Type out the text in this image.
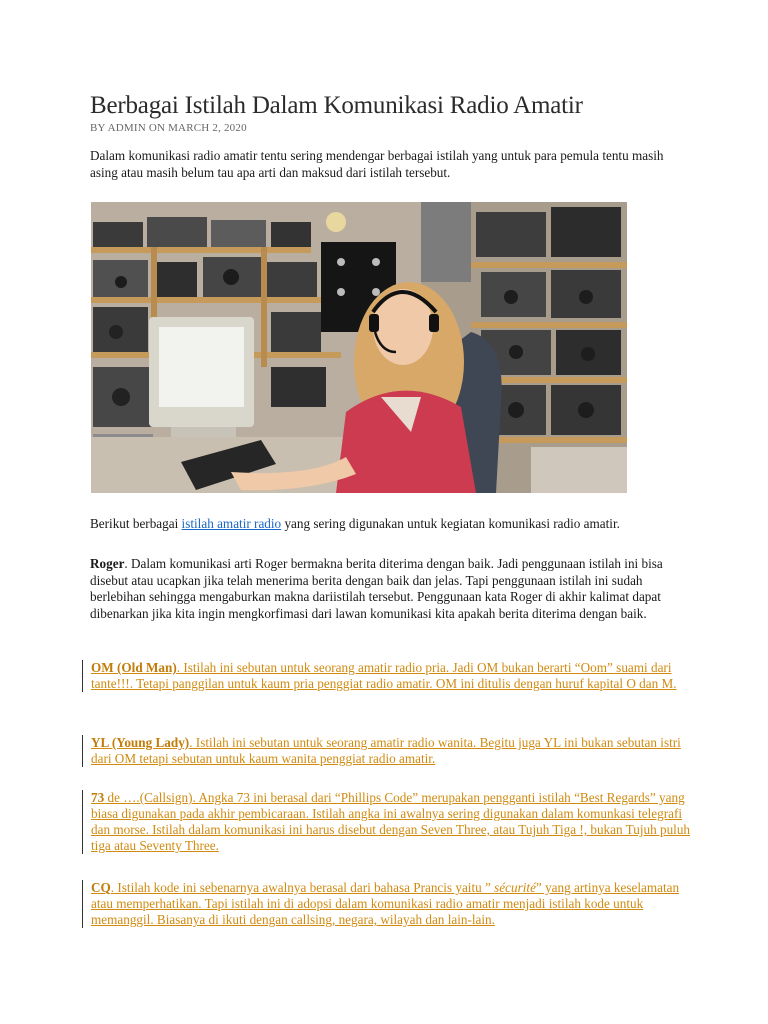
Berbagai Istilah Dalam Komunikasi Radio Amatir
BY ADMIN ON MARCH 2, 2020

Dalam komunikasi radio amatir tentu sering mendengar berbagai istilah yang untuk para pemula tentu masih asing atau masih belum tau apa arti dan maksud dari istilah tersebut.

Berikut berbagai istilah amatir radio yang sering digunakan untuk kegiatan komunikasi radio amatir.

Roger. Dalam komunikasi arti Roger bermakna berita diterima dengan baik. Jadi penggunaan istilah ini bisa disebut atau ucapkan jika telah menerima berita dengan baik dan jelas. Tapi penggunaan istilah ini sudah berlebihan sehingga mengaburkan makna dariistilah tersebut. Penggunaan kata Roger di akhir kalimat dapat dibenarkan jika kita ingin mengkorfimasi dari lawan komunikasi kita apakah berita diterima dengan baik.

OM (Old Man). Istilah ini sebutan untuk seorang amatir radio pria. Jadi OM bukan berarti “Oom” suami dari tante!!!. Tetapi panggilan untuk kaum pria penggiat radio amatir. OM ini ditulis dengan huruf kapital O dan M.
YL (Young Lady). Istilah ini sebutan untuk seorang amatir radio wanita. Begitu juga YL ini bukan sebutan istri dari OM tetapi sebutan untuk kaum wanita penggiat radio amatir.
73 de ….(Callsign). Angka 73 ini berasal dari “Phillips Code” merupakan pengganti istilah “Best Regards” yang biasa digunakan pada akhir pembicaraan. Istilah angka ini awalnya sering digunakan dalam komunkasi telegrafi dan morse. Istilah dalam komunikasi ini harus disebut dengan Seven Three, atau Tujuh Tiga !, bukan Tujuh puluh tiga atau Seventy Three.
CQ. Istilah kode ini sebenarnya awalnya berasal dari bahasa Prancis yaitu ” sécurité” yang artinya keselamatan atau memperhatikan. Tapi istilah ini di adopsi dalam komunikasi radio amatir menjadi istilah kode untuk memanggil. Biasanya di ikuti dengan callsing, negara, wilayah dan lain-lain.
